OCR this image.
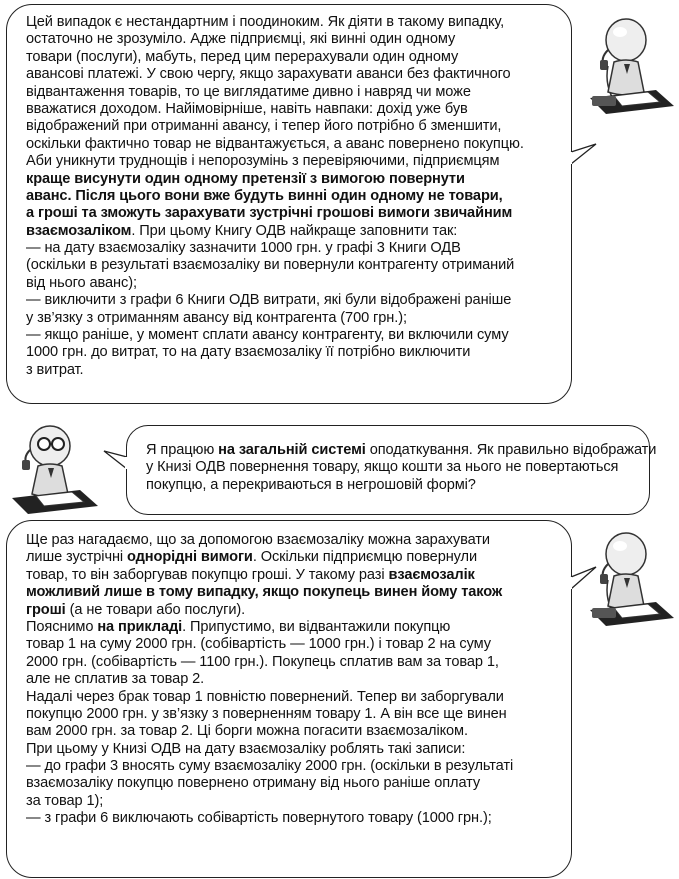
Цей випадок є нестандартним і поодиноким. Як діяти в такому випадку,
остаточно не зрозуміло. Адже підприємці, які винні один одному
товари (послуги), мабуть, перед цим перерахували один одному
авансові платежі. У свою чергу, якщо зарахувати аванси без фактичного
відвантаження товарів, то це виглядатиме дивно і навряд чи може
вважатися доходом. Найімовірніше, навіть навпаки: дохід уже був
відображений при отриманні авансу, і тепер його потрібно б зменшити,
оскільки фактично товар не відвантажується, а аванс повернено покупцю.
Аби уникнути труднощів і непорозумінь з перевіряючими, підприємцям
краще висунути один одному претензії з вимогою повернути
аванс. Після цього вони вже будуть винні один одному не товари,
а гроші та зможуть зарахувати зустрічні грошові вимоги звичайним
взаємозаліком. При цьому Книгу ОДВ найкраще заповнити так:
— на дату взаємозаліку зазначити 1000 грн. у графі 3 Книги ОДВ
(оскільки в результаті взаємозаліку ви повернули контрагенту отриманий
від нього аванс);
— виключити з графи 6 Книги ОДВ витрати, які були відображені раніше
у зв’язку з отриманням авансу від контрагента (700 грн.);
— якщо раніше, у момент сплати авансу контрагенту, ви включили суму
1000 грн. до витрат, то на дату взаємозаліку її потрібно виключити
з витрат.
Я працюю на загальній системі оподаткування. Як правильно відображати
у Книзі ОДВ повернення товару, якщо кошти за нього не повертаються
покупцю, а перекриваються в негрошовій формі?
Ще раз нагадаємо, що за допомогою взаємозаліку можна зарахувати
лише зустрічні однорідні вимоги. Оскільки підприємцю повернули
товар, то він заборгував покупцю гроші. У такому разі взаємозалік
можливий лише в тому випадку, якщо покупець винен йому також
гроші (а не товари або послуги).
Пояснимо на прикладі. Припустимо, ви відвантажили покупцю
товар 1 на суму 2000 грн. (собівартість — 1000 грн.) і товар 2 на суму
2000 грн. (собівартість — 1100 грн.). Покупець сплатив вам за товар 1,
але не сплатив за товар 2.
Надалі через брак товар 1 повністю повернений. Тепер ви заборгували
покупцю 2000 грн. у зв’язку з поверненням товару 1. А він все ще винен
вам 2000 грн. за товар 2. Ці борги можна погасити взаємозаліком.
При цьому у Книзі ОДВ на дату взаємозаліку роблять такі записи:
— до графи 3 вносять суму взаємозаліку 2000 грн. (оскільки в результаті
взаємозаліку покупцю повернено отриману від нього раніше оплату
за товар 1);
— з графи 6 виключають собівартість повернутого товару (1000 грн.);
